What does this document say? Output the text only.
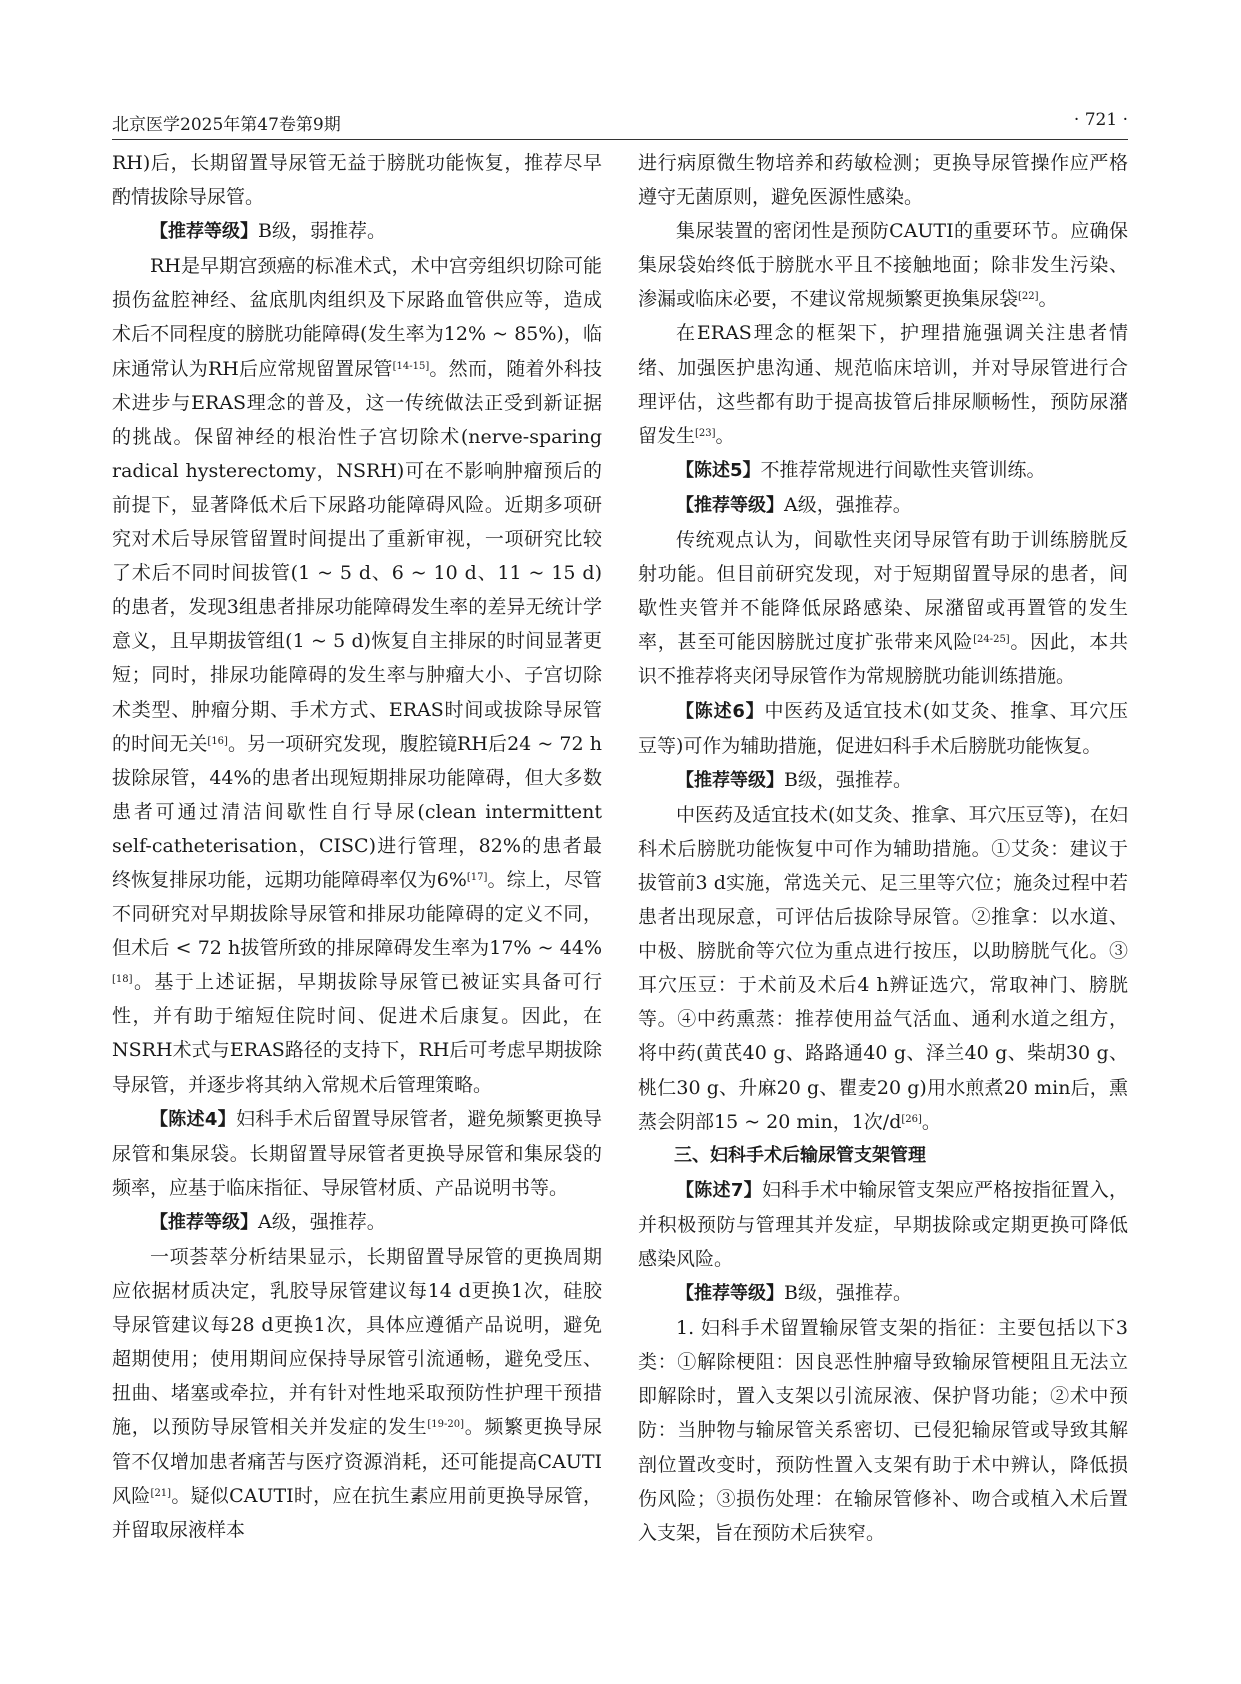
北京医学2025年第47卷第9期	· 721 ·

RH)后，长期留置导尿管无益于膀胱功能恢复，推荐尽早酌情拔除导尿管。

【推荐等级】B级，弱推荐。

RH是早期宫颈癌的标准术式，术中宫旁组织切除可能损伤盆腔神经、盆底肌肉组织及下尿路血管供应等，造成术后不同程度的膀胱功能障碍(发生率为12% ~ 85%)，临床通常认为RH后应常规留置尿管[14-15]。然而，随着外科技术进步与ERAS理念的普及，这一传统做法正受到新证据的挑战。保留神经的根治性子宫切除术(nerve-sparing radical hysterectomy，NSRH)可在不影响肿瘤预后的前提下，显著降低术后下尿路功能障碍风险。近期多项研究对术后导尿管留置时间提出了重新审视，一项研究比较了术后不同时间拔管(1 ~ 5 d、6 ~ 10 d、11 ~ 15 d)的患者，发现3组患者排尿功能障碍发生率的差异无统计学意义，且早期拔管组(1 ~ 5 d)恢复自主排尿的时间显著更短；同时，排尿功能障碍的发生率与肿瘤大小、子宫切除术类型、肿瘤分期、手术方式、ERAS时间或拔除导尿管的时间无关[16]。另一项研究发现，腹腔镜RH后24 ~ 72 h拔除尿管，44%的患者出现短期排尿功能障碍，但大多数患者可通过清洁间歇性自行导尿(clean intermittent self-catheterisation，CISC)进行管理，82%的患者最终恢复排尿功能，远期功能障碍率仅为6%[17]。综上，尽管不同研究对早期拔除导尿管和排尿功能障碍的定义不同，但术后 < 72 h拔管所致的排尿障碍发生率为17% ~ 44%[18]。基于上述证据，早期拔除导尿管已被证实具备可行性，并有助于缩短住院时间、促进术后康复。因此，在NSRH术式与ERAS路径的支持下，RH后可考虑早期拔除导尿管，并逐步将其纳入常规术后管理策略。

【陈述4】妇科手术后留置导尿管者，避免频繁更换导尿管和集尿袋。长期留置导尿管者更换导尿管和集尿袋的频率，应基于临床指征、导尿管材质、产品说明书等。

【推荐等级】A级，强推荐。

一项荟萃分析结果显示，长期留置导尿管的更换周期应依据材质决定，乳胶导尿管建议每14 d更换1次，硅胶导尿管建议每28 d更换1次，具体应遵循产品说明，避免超期使用；使用期间应保持导尿管引流通畅，避免受压、扭曲、堵塞或牵拉，并有针对性地采取预防性护理干预措施，以预防导尿管相关并发症的发生[19-20]。频繁更换导尿管不仅增加患者痛苦与医疗资源消耗，还可能提高CAUTI风险[21]。疑似CAUTI时，应在抗生素应用前更换导尿管，并留取尿液样本

进行病原微生物培养和药敏检测；更换导尿管操作应严格遵守无菌原则，避免医源性感染。

集尿装置的密闭性是预防CAUTI的重要环节。应确保集尿袋始终低于膀胱水平且不接触地面；除非发生污染、渗漏或临床必要，不建议常规频繁更换集尿袋[22]。

在ERAS理念的框架下，护理措施强调关注患者情绪、加强医护患沟通、规范临床培训，并对导尿管进行合理评估，这些都有助于提高拔管后排尿顺畅性，预防尿潴留发生[23]。

【陈述5】不推荐常规进行间歇性夹管训练。

【推荐等级】A级，强推荐。

传统观点认为，间歇性夹闭导尿管有助于训练膀胱反射功能。但目前研究发现，对于短期留置导尿的患者，间歇性夹管并不能降低尿路感染、尿潴留或再置管的发生率，甚至可能因膀胱过度扩张带来风险[24-25]。因此，本共识不推荐将夹闭导尿管作为常规膀胱功能训练措施。

【陈述6】中医药及适宜技术(如艾灸、推拿、耳穴压豆等)可作为辅助措施，促进妇科手术后膀胱功能恢复。

【推荐等级】B级，强推荐。

中医药及适宜技术(如艾灸、推拿、耳穴压豆等)，在妇科术后膀胱功能恢复中可作为辅助措施。①艾灸：建议于拔管前3 d实施，常选关元、足三里等穴位；施灸过程中若患者出现尿意，可评估后拔除导尿管。②推拿：以水道、中极、膀胱俞等穴位为重点进行按压，以助膀胱气化。③耳穴压豆：于术前及术后4 h辨证选穴，常取神门、膀胱等。④中药熏蒸：推荐使用益气活血、通利水道之组方，将中药(黄芪40 g、路路通40 g、泽兰40 g、柴胡30 g、桃仁30 g、升麻20 g、瞿麦20 g)用水煎煮20 min后，熏蒸会阴部15 ~ 20 min，1次/d[26]。

三、妇科手术后输尿管支架管理

【陈述7】妇科手术中输尿管支架应严格按指征置入，并积极预防与管理其并发症，早期拔除或定期更换可降低感染风险。

【推荐等级】B级，强推荐。

1. 妇科手术留置输尿管支架的指征：主要包括以下3类：①解除梗阻：因良恶性肿瘤导致输尿管梗阻且无法立即解除时，置入支架以引流尿液、保护肾功能；②术中预防：当肿物与输尿管关系密切、已侵犯输尿管或导致其解剖位置改变时，预防性置入支架有助于术中辨认，降低损伤风险；③损伤处理：在输尿管修补、吻合或植入术后置入支架，旨在预防术后狭窄。
